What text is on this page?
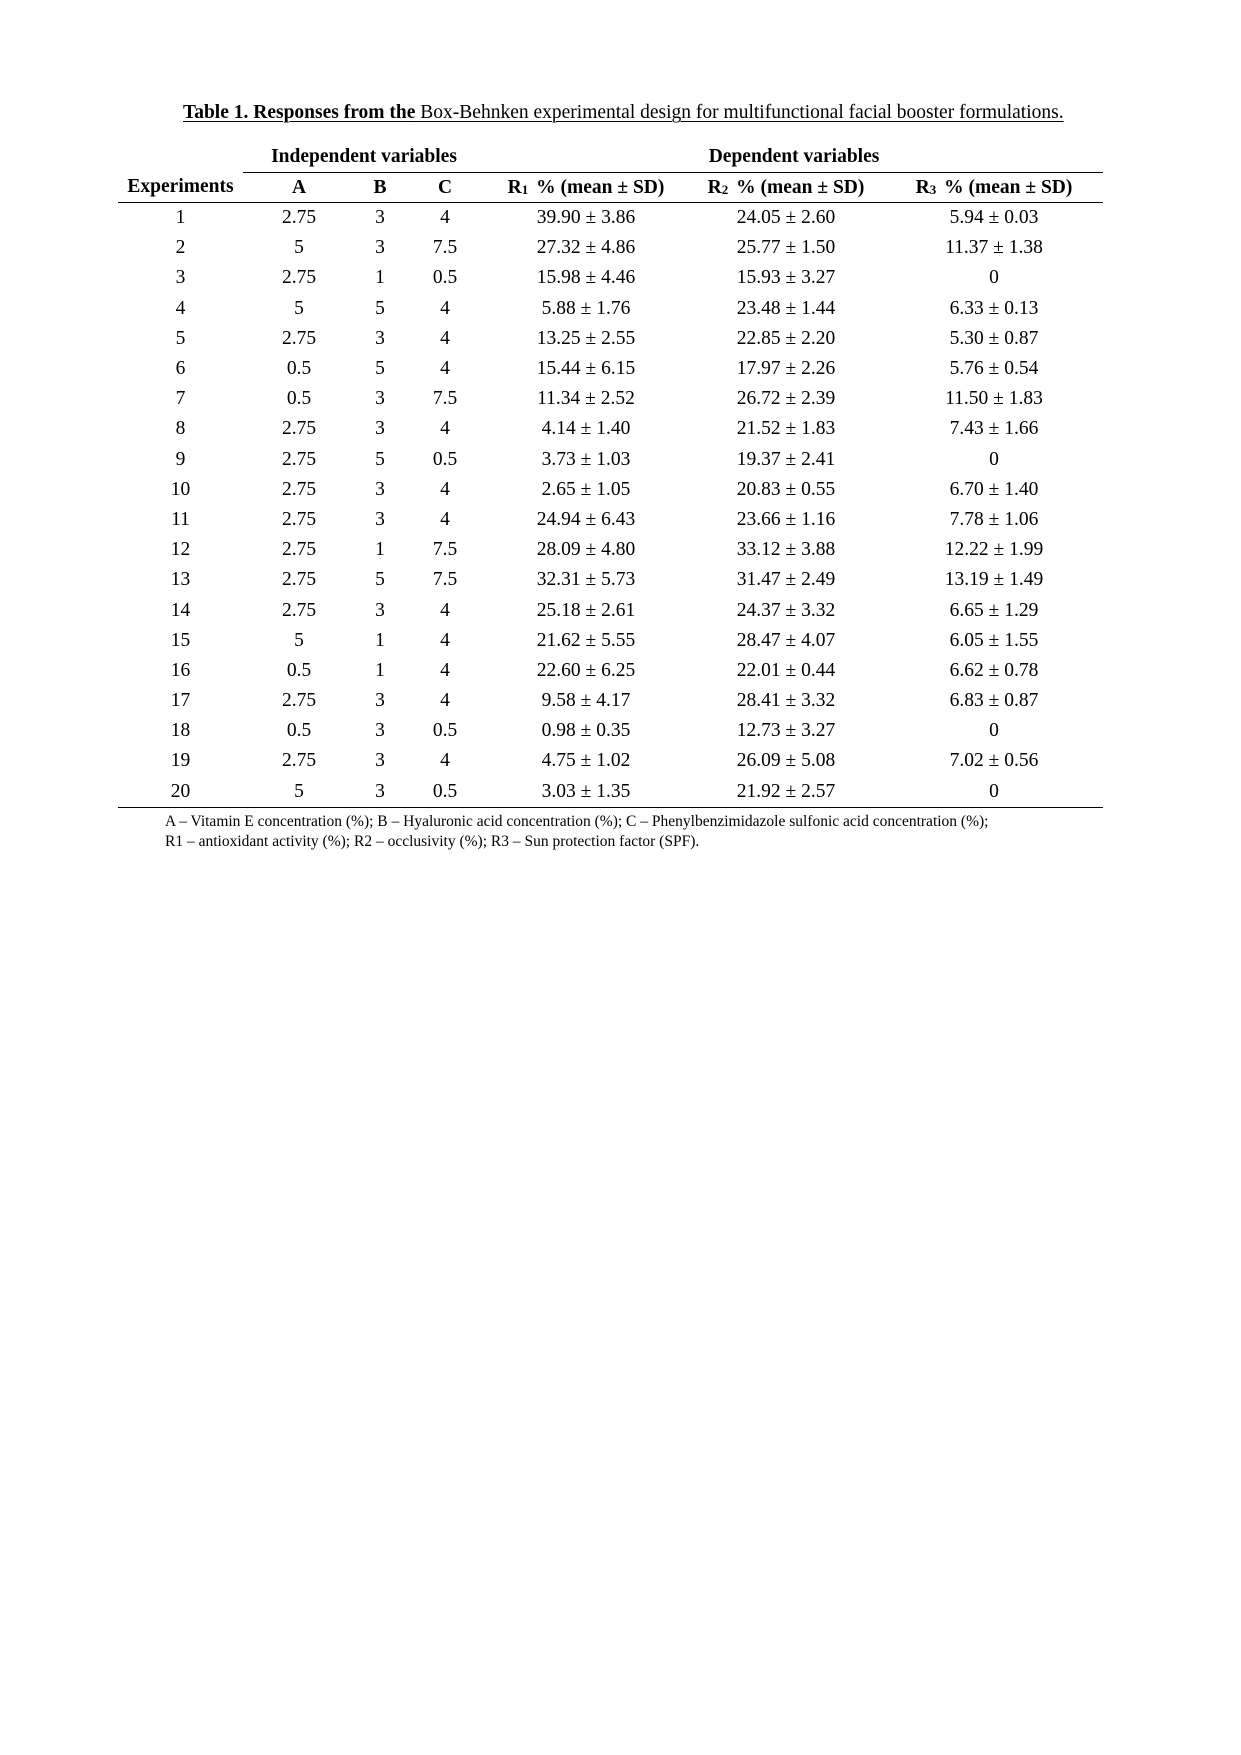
Table 1. Responses from the Box-Behnken experimental design for multifunctional facial booster formulations.
	Independent variables			Dependent variables		
Experiments	A	B	C	$R_1$ % (mean ± SD)	$R_2$ % (mean ± SD)	$R_3$ % (mean ± SD)
1	2.75	3	4	39.90 ± 3.86	24.05 ± 2.60	5.94 ± 0.03
2	5	3	7.5	27.32 ± 4.86	25.77 ± 1.50	11.37 ± 1.38
3	2.75	1	0.5	15.98 ± 4.46	15.93 ± 3.27	0
4	5	5	4	5.88 ± 1.76	23.48 ± 1.44	6.33 ± 0.13
5	2.75	3	4	13.25 ± 2.55	22.85 ± 2.20	5.30 ± 0.87
6	0.5	5	4	15.44 ± 6.15	17.97 ± 2.26	5.76 ± 0.54
7	0.5	3	7.5	11.34 ± 2.52	26.72 ± 2.39	11.50 ± 1.83
8	2.75	3	4	4.14 ± 1.40	21.52 ± 1.83	7.43 ± 1.66
9	2.75	5	0.5	3.73 ± 1.03	19.37 ± 2.41	0
10	2.75	3	4	2.65 ± 1.05	20.83 ± 0.55	6.70 ± 1.40
11	2.75	3	4	24.94 ± 6.43	23.66 ± 1.16	7.78 ± 1.06
12	2.75	1	7.5	28.09 ± 4.80	33.12 ± 3.88	12.22 ± 1.99
13	2.75	5	7.5	32.31 ± 5.73	31.47 ± 2.49	13.19 ± 1.49
14	2.75	3	4	25.18 ± 2.61	24.37 ± 3.32	6.65 ± 1.29
15	5	1	4	21.62 ± 5.55	28.47 ± 4.07	6.05 ± 1.55
16	0.5	1	4	22.60 ± 6.25	22.01 ± 0.44	6.62 ± 0.78
17	2.75	3	4	9.58 ± 4.17	28.41 ± 3.32	6.83 ± 0.87
18	0.5	3	0.5	0.98 ± 0.35	12.73 ± 3.27	0
19	2.75	3	4	4.75 ± 1.02	26.09 ± 5.08	7.02 ± 0.56
20	5	3	0.5	3.03 ± 1.35	21.92 ± 2.57	0
A – Vitamin E concentration (%); B – Hyaluronic acid concentration (%); C – Phenylbenzimidazole sulfonic acid concentration (%);
R1 – antioxidant activity (%); R2 – occlusivity (%); R3 – Sun protection factor (SPF).
